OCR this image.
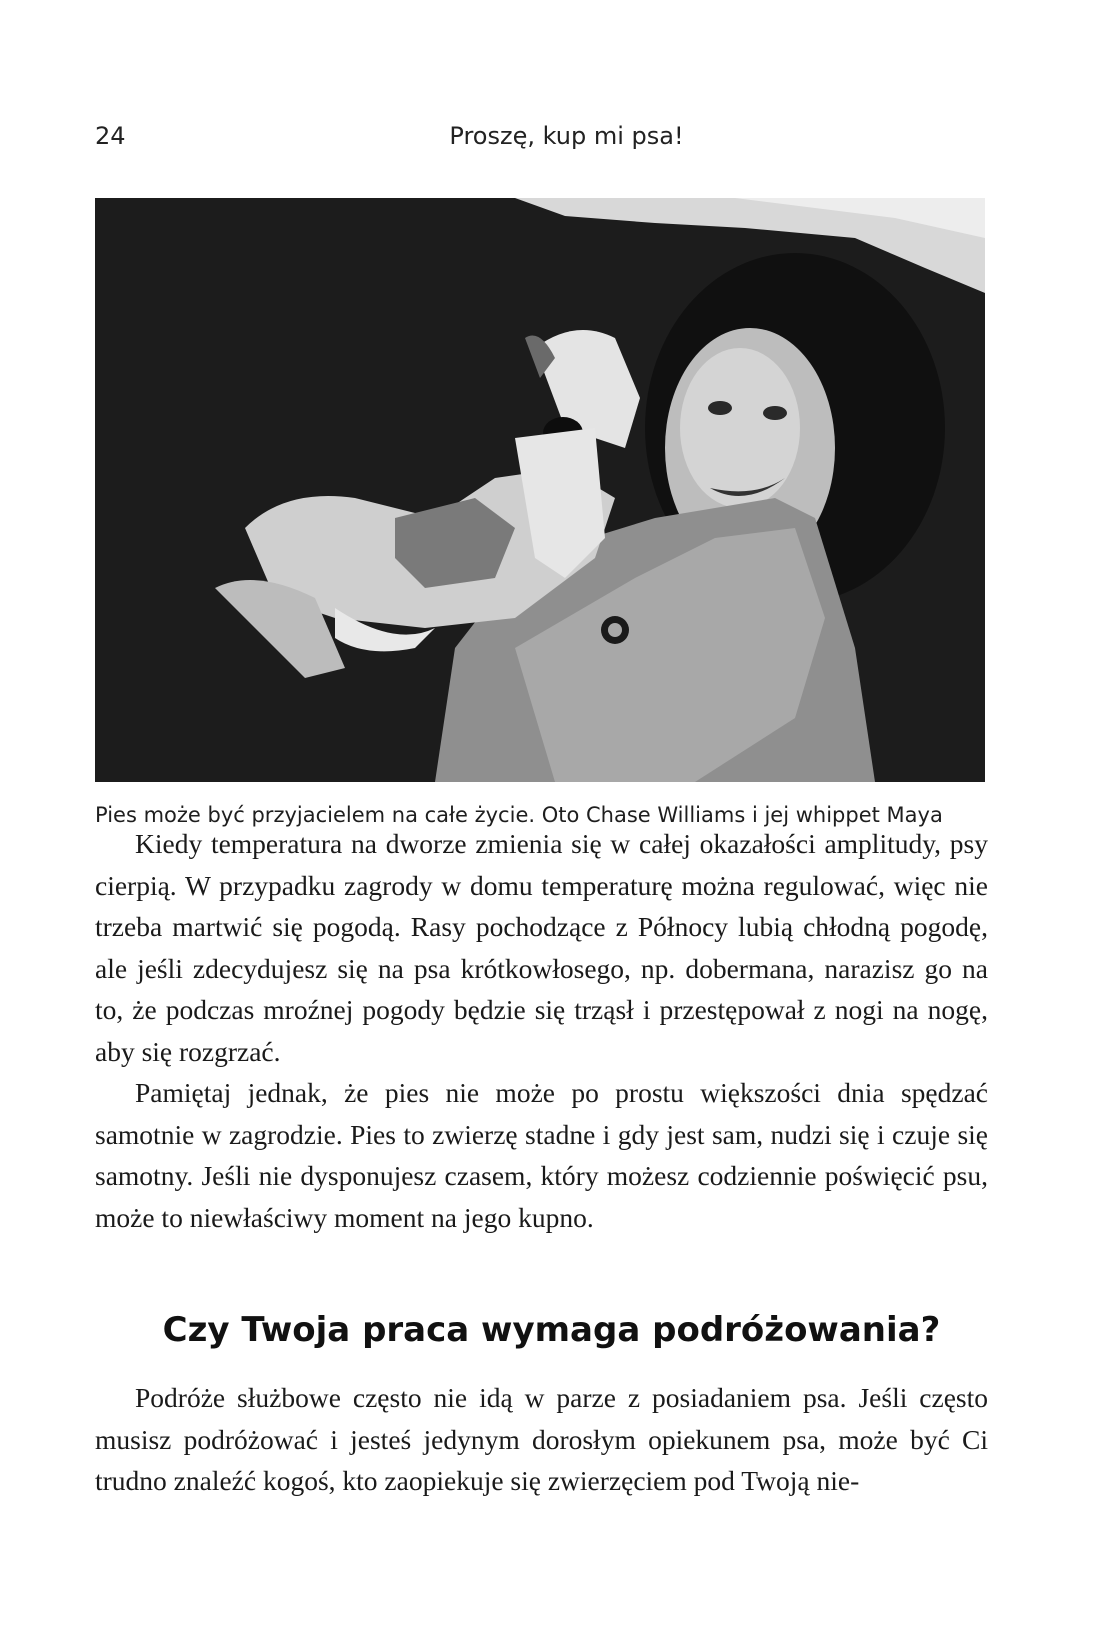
24	Proszę, kup mi psa!
Pies może być przyjacielem na całe życie. Oto Chase Williams i jej whippet Maya

Kiedy temperatura na dworze zmienia się w całej okazałości amplitudy, psy cierpią. W przypadku zagrody w domu temperaturę można regulować, więc nie trzeba martwić się pogodą. Rasy pochodzące z Północy lubią chłodną pogodę, ale jeśli zdecydujesz się na psa krótkowłosego, np. dobermana, narazisz go na to, że podczas mroźnej pogody będzie się trząsł i przestępował z nogi na nogę, aby się rozgrzać.

Pamiętaj jednak, że pies nie może po prostu większości dnia spędzać samotnie w zagrodzie. Pies to zwierzę stadne i gdy jest sam, nudzi się i czuje się samotny. Jeśli nie dysponujesz czasem, który możesz codziennie poświęcić psu, może to niewłaściwy moment na jego kupno.

Czy Twoja praca wymaga podróżowania?

Podróże służbowe często nie idą w parze z posiadaniem psa. Jeśli często musisz podróżować i jesteś jedynym dorosłym opiekunem psa, może być Ci trudno znaleźć kogoś, kto zaopiekuje się zwierzęciem pod Twoją nie-
